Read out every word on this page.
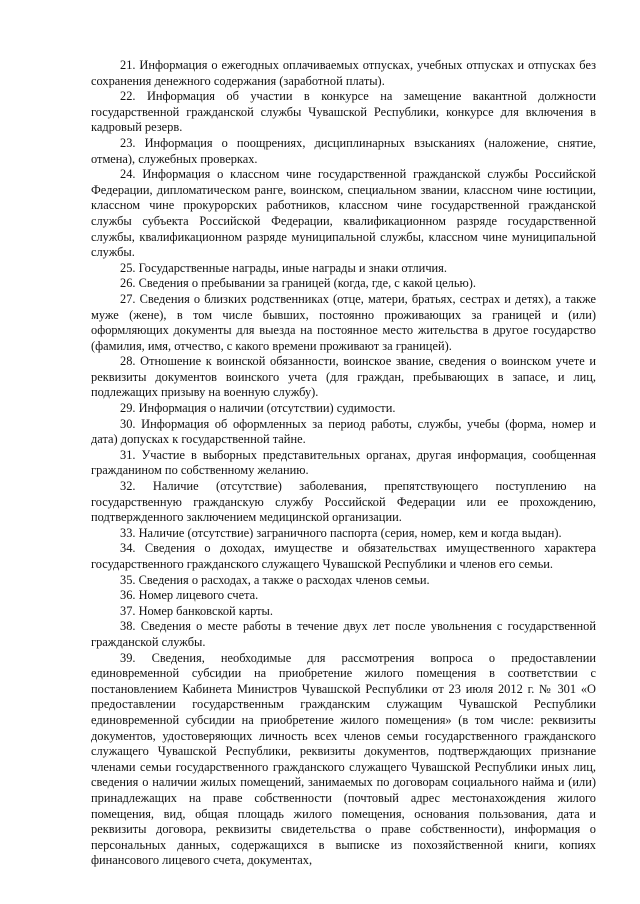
21. Информация о ежегодных оплачиваемых отпусках, учебных отпусках и отпусках без сохранения денежного содержания (заработной платы).

22. Информация об участии в конкурсе на замещение вакантной должности государственной гражданской службы Чувашской Республики, конкурсе для включения в кадровый резерв.

23. Информация о поощрениях, дисциплинарных взысканиях (наложение, снятие, отмена), служебных проверках.

24. Информация о классном чине государственной гражданской службы Российской Федерации, дипломатическом ранге, воинском, специальном звании, классном чине юстиции, классном чине прокурорских работников, классном чине государственной гражданской службы субъекта Российской Федерации, квалификационном разряде государственной службы, квалификационном разряде муниципальной службы, классном чине муниципальной службы.

25. Государственные награды, иные награды и знаки отличия.

26. Сведения о пребывании за границей (когда, где, с какой целью).

27. Сведения о близких родственниках (отце, матери, братьях, сестрах и детях), а также муже (жене), в том числе бывших, постоянно проживающих за границей и (или) оформляющих документы для выезда на постоянное место жительства в другое государство (фамилия, имя, отчество, с какого времени проживают за границей).

28. Отношение к воинской обязанности, воинское звание, сведения о воинском учете и реквизиты документов воинского учета (для граждан, пребывающих в запасе, и лиц, подлежащих призыву на военную службу).

29. Информация о наличии (отсутствии) судимости.

30. Информация об оформленных за период работы, службы, учебы (форма, номер и дата) допусках к государственной тайне.

31. Участие в выборных представительных органах, другая информация, сообщенная гражданином по собственному желанию.

32. Наличие (отсутствие) заболевания, препятствующего поступлению на государственную гражданскую службу Российской Федерации или ее прохождению, подтвержденного заключением медицинской организации.

33. Наличие (отсутствие) заграничного паспорта (серия, номер, кем и когда выдан).

34. Сведения о доходах, имуществе и обязательствах имущественного характера государственного гражданского служащего Чувашской Республики и членов его семьи.

35. Сведения о расходах, а также о расходах членов семьи.

36. Номер лицевого счета.

37. Номер банковской карты.

38. Сведения о месте работы в течение двух лет после увольнения с государственной гражданской службы.

39. Сведения, необходимые для рассмотрения вопроса о предоставлении единовременной субсидии на приобретение жилого помещения в соответствии с постановлением Кабинета Министров Чувашской Республики от 23 июля 2012 г. № 301 «О предоставлении государственным гражданским служащим Чувашской Республики единовременной субсидии на приобретение жилого помещения» (в том числе: реквизиты документов, удостоверяющих личность всех членов семьи государственного гражданского служащего Чувашской Республики, реквизиты документов, подтверждающих признание членами семьи государственного гражданского служащего Чувашской Республики иных лиц, сведения о наличии жилых помещений, занимаемых по договорам социального найма и (или) принадлежащих на праве собственности (почтовый адрес местонахождения жилого помещения, вид, общая площадь жилого помещения, основания пользования, дата и реквизиты договора, реквизиты свидетельства о праве собственности), информация о персональных данных, содержащихся в выписке из похозяйственной книги, копиях финансового лицевого счета, документах,
